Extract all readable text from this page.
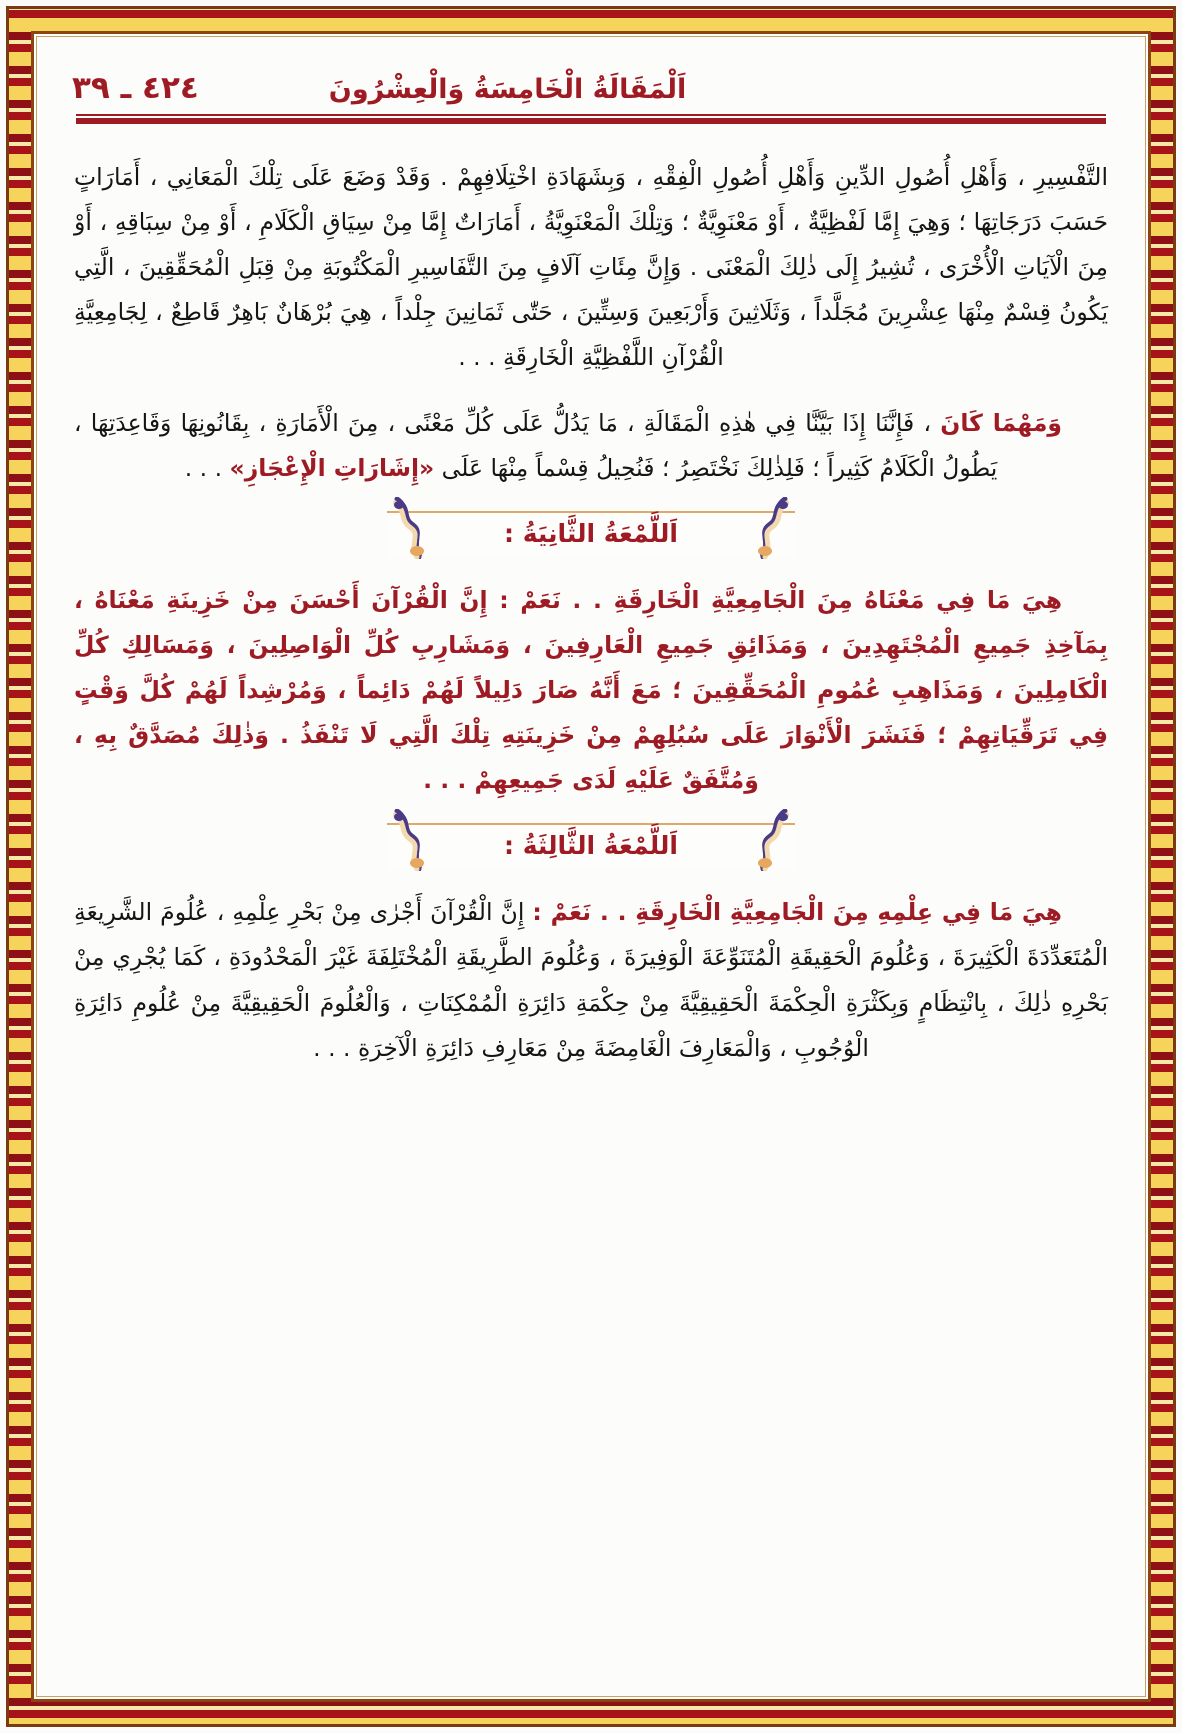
٤٢٤ ـ ٣٩	اَلْمَقَالَةُ الْخَامِسَةُ وَالْعِشْرُونَ

التَّفْسِيرِ ، وَأَهْلِ أُصُولِ الدِّينِ وَأَهْلِ أُصُولِ الْفِقْهِ ، وَبِشَهَادَةِ اخْتِلَافِهِمْ . وَقَدْ وَضَعَ عَلَى تِلْكَ الْمَعَانِي ، أَمَارَاتٍ حَسَبَ دَرَجَاتِهَا ؛ وَهِيَ إِمَّا لَفْظِيَّةٌ ، أَوْ مَعْنَوِيَّةٌ ؛ وَتِلْكَ الْمَعْنَوِيَّةُ ، أَمَارَاتٌ إِمَّا مِنْ سِيَاقِ الْكَلَامِ ، أَوْ مِنْ سِبَاقِهِ ، أَوْ مِنَ الْآيَاتِ الْأُخْرَى ، تُشِيرُ إِلَى ذٰلِكَ الْمَعْنَى . وَإِنَّ مِئَاتِ آلَافٍ مِنَ التَّفَاسِيرِ الْمَكْتُوبَةِ مِنْ قِبَلِ الْمُحَقِّقِينَ ، الَّتِي يَكُونُ قِسْمٌ مِنْهَا عِشْرِينَ مُجَلَّداً ، وَثَلَاثِينَ وَأَرْبَعِينَ وَسِتِّينَ ، حَتّٰى ثَمَانِينَ جِلْداً ، هِيَ بُرْهَانٌ بَاهِرٌ قَاطِعٌ ، لِجَامِعِيَّةِ الْقُرْآنِ اللَّفْظِيَّةِ الْخَارِقَةِ . . .

وَمَهْمَا كَانَ ، فَإِنَّنَا إِذَا بَيَّنَّا فِي هٰذِهِ الْمَقَالَةِ ، مَا يَدُلُّ عَلَى كُلِّ مَعْنًى ، مِنَ الْأَمَارَةِ ، بِقَانُونِهَا وَقَاعِدَتِهَا ، يَطُولُ الْكَلَامُ كَثِيراً ؛ فَلِذٰلِكَ نَخْتَصِرُ ؛ فَنُحِيلُ قِسْماً مِنْهَا عَلَى «إِشَارَاتِ الْإِعْجَازِ» . . .

اَللَّمْعَةُ الثَّانِيَةُ :

هِيَ مَا فِي مَعْنَاهُ مِنَ الْجَامِعِيَّةِ الْخَارِقَةِ . . نَعَمْ : إِنَّ الْقُرْآنَ أَحْسَنَ مِنْ خَزِينَةِ مَعْنَاهُ ، بِمَآخِذِ جَمِيعِ الْمُجْتَهِدِينَ ، وَمَذَائِقِ جَمِيعِ الْعَارِفِينَ ، وَمَشَارِبِ كُلِّ الْوَاصِلِينَ ، وَمَسَالِكِ كُلِّ الْكَامِلِينَ ، وَمَذَاهِبِ عُمُومِ الْمُحَقِّقِينَ ؛ مَعَ أَنَّهُ صَارَ دَلِيلاً لَهُمْ دَائِماً ، وَمُرْشِداً لَهُمْ كُلَّ وَقْتٍ فِي تَرَقِّيَاتِهِمْ ؛ فَنَشَرَ الْأَنْوَارَ عَلَى سُبُلِهِمْ مِنْ خَزِينَتِهِ تِلْكَ الَّتِي لَا تَنْفَذُ . وَذٰلِكَ مُصَدَّقٌ بِهِ ، وَمُتَّفَقٌ عَلَيْهِ لَدَى جَمِيعِهِمْ . . .

اَللَّمْعَةُ الثَّالِثَةُ :

هِيَ مَا فِي عِلْمِهِ مِنَ الْجَامِعِيَّةِ الْخَارِقَةِ . . نَعَمْ : إِنَّ الْقُرْآنَ أَجْرٰى مِنْ بَحْرِ عِلْمِهِ ، عُلُومَ الشَّرِيعَةِ الْمُتَعَدِّدَةَ الْكَثِيرَةَ ، وَعُلُومَ الْحَقِيقَةِ الْمُتَنَوِّعَةَ الْوَفِيرَةَ ، وَعُلُومَ الطَّرِيقَةِ الْمُخْتَلِفَةَ غَيْرَ الْمَحْدُودَةِ ، كَمَا يُجْرِي مِنْ بَحْرِهِ ذٰلِكَ ، بِانْتِظَامٍ وَبِكَثْرَةِ الْحِكْمَةَ الْحَقِيقِيَّةَ مِنْ حِكْمَةِ دَائِرَةِ الْمُمْكِنَاتِ ، وَالْعُلُومَ الْحَقِيقِيَّةَ مِنْ عُلُومِ دَائِرَةِ الْوُجُوبِ ، وَالْمَعَارِفَ الْغَامِضَةَ مِنْ مَعَارِفِ دَائِرَةِ الْآخِرَةِ . . .
